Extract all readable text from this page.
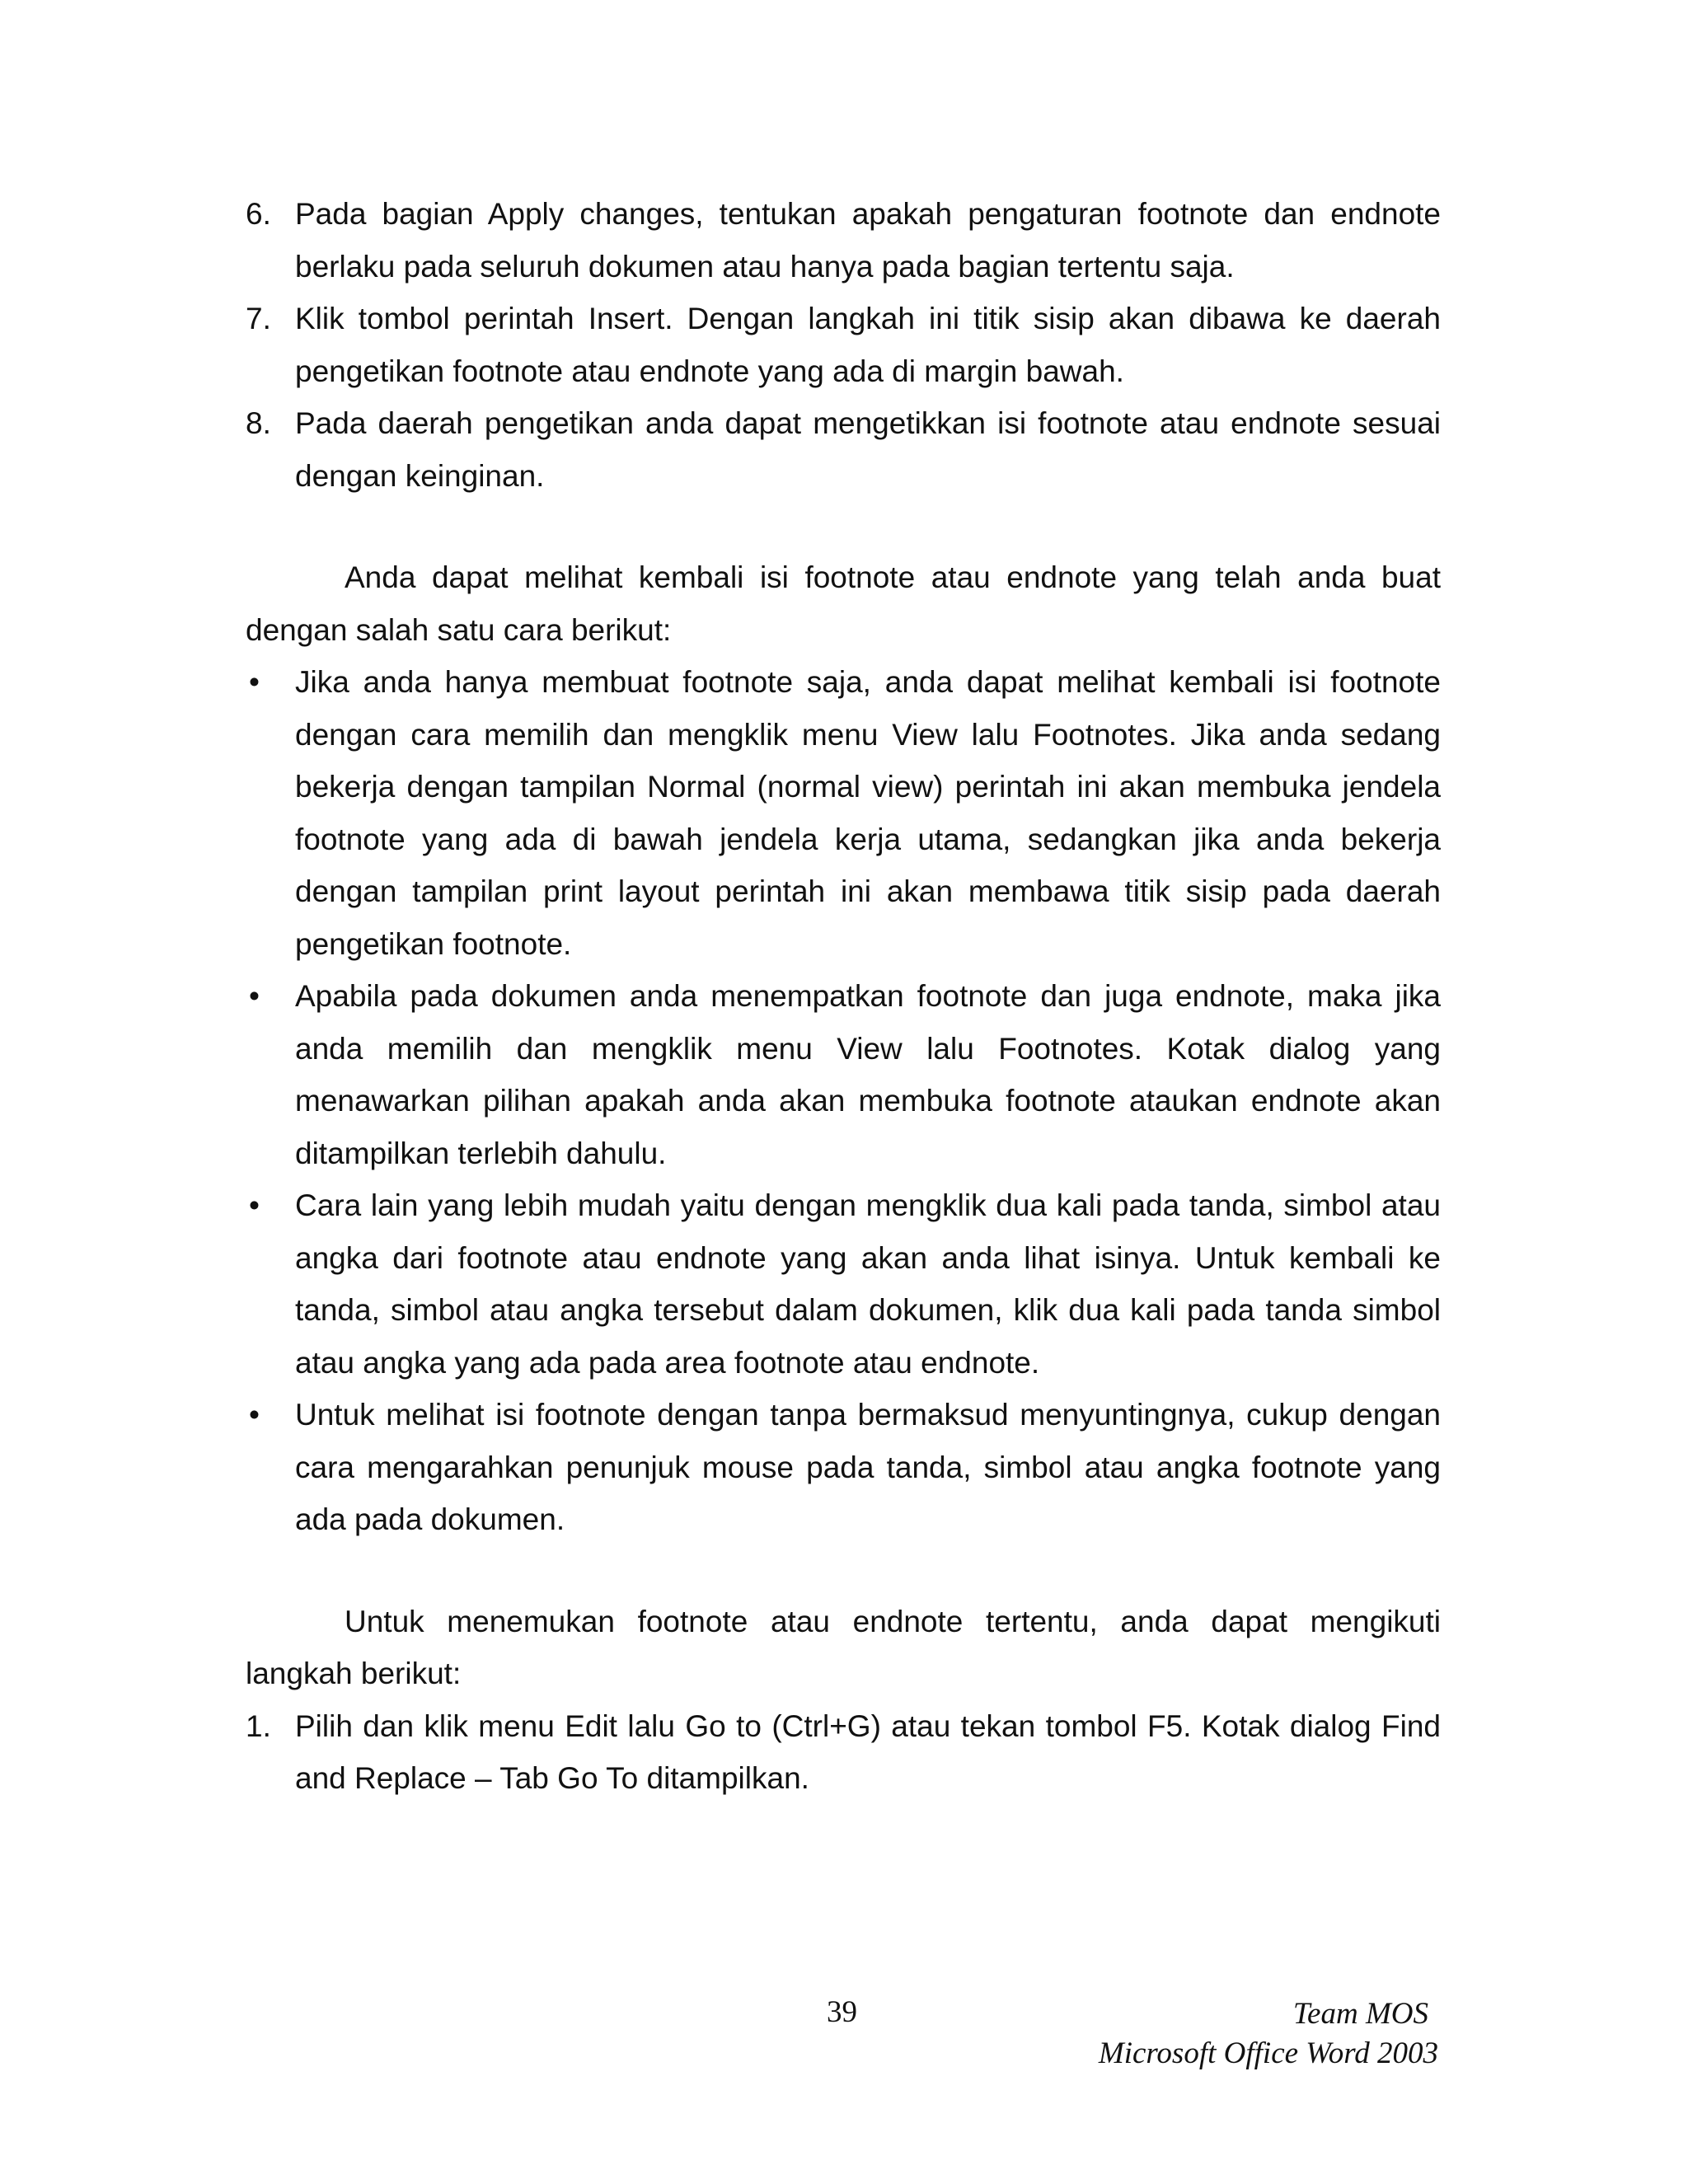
6. Pada bagian Apply changes, tentukan apakah pengaturan footnote dan endnote berlaku pada seluruh dokumen atau hanya pada bagian tertentu saja.
7. Klik tombol perintah Insert. Dengan langkah ini titik sisip akan dibawa ke daerah pengetikan footnote atau endnote yang ada di margin bawah.
8. Pada daerah pengetikan anda dapat mengetikkan isi footnote atau endnote sesuai dengan keinginan.

Anda dapat melihat kembali isi footnote atau endnote yang telah anda buat dengan salah satu cara berikut:

• Jika anda hanya membuat footnote saja, anda dapat melihat kembali isi footnote dengan cara memilih dan mengklik menu View lalu Footnotes. Jika anda sedang bekerja dengan tampilan Normal (normal view) perintah ini akan membuka jendela footnote yang ada di bawah jendela kerja utama, sedangkan jika anda bekerja dengan tampilan print layout perintah ini akan membawa titik sisip pada daerah pengetikan footnote.
• Apabila pada dokumen anda menempatkan footnote dan juga endnote, maka jika anda memilih dan mengklik menu View lalu Footnotes. Kotak dialog yang menawarkan pilihan apakah anda akan membuka footnote ataukan endnote akan ditampilkan terlebih dahulu.
• Cara lain yang lebih mudah yaitu dengan mengklik dua kali pada tanda, simbol atau angka dari footnote atau endnote yang akan anda lihat isinya. Untuk kembali ke tanda, simbol atau angka tersebut dalam dokumen, klik dua kali pada tanda simbol atau angka yang ada pada area footnote atau endnote.
• Untuk melihat isi footnote dengan tanpa bermaksud menyuntingnya, cukup dengan cara mengarahkan penunjuk mouse pada tanda, simbol atau angka footnote yang ada pada dokumen.

Untuk menemukan footnote atau endnote tertentu, anda dapat mengikuti langkah berikut:

1. Pilih dan klik menu Edit lalu Go to (Ctrl+G) atau tekan tombol F5. Kotak dialog Find and Replace – Tab Go To ditampilkan.
39	Team MOS
Microsoft Office Word 2003
